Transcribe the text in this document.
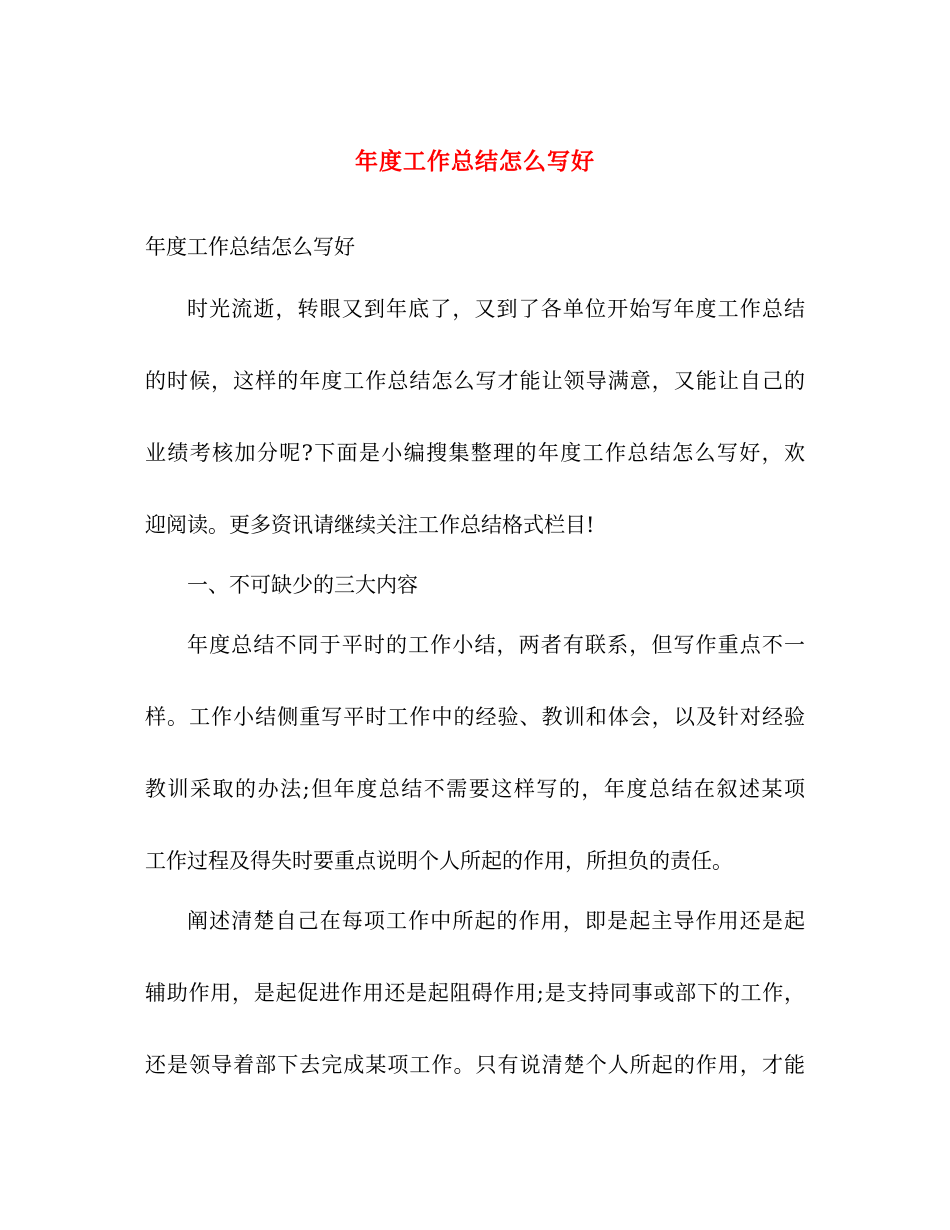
年度工作总结怎么写好

年度工作总结怎么写好

时光流逝，转眼又到年底了，又到了各单位开始写年度工作总结

的时候，这样的年度工作总结怎么写才能让领导满意，又能让自己的

业绩考核加分呢?下面是小编搜集整理的年度工作总结怎么写好，欢

迎阅读。更多资讯请继续关注工作总结格式栏目!

一、不可缺少的三大内容

年度总结不同于平时的工作小结，两者有联系，但写作重点不一

样。工作小结侧重写平时工作中的经验、教训和体会，以及针对经验

教训采取的办法;但年度总结不需要这样写的，年度总结在叙述某项

工作过程及得失时要重点说明个人所起的作用，所担负的责任。

阐述清楚自己在每项工作中所起的作用，即是起主导作用还是起

辅助作用，是起促进作用还是起阻碍作用;是支持同事或部下的工作，

还是领导着部下去完成某项工作。只有说清楚个人所起的作用，才能
